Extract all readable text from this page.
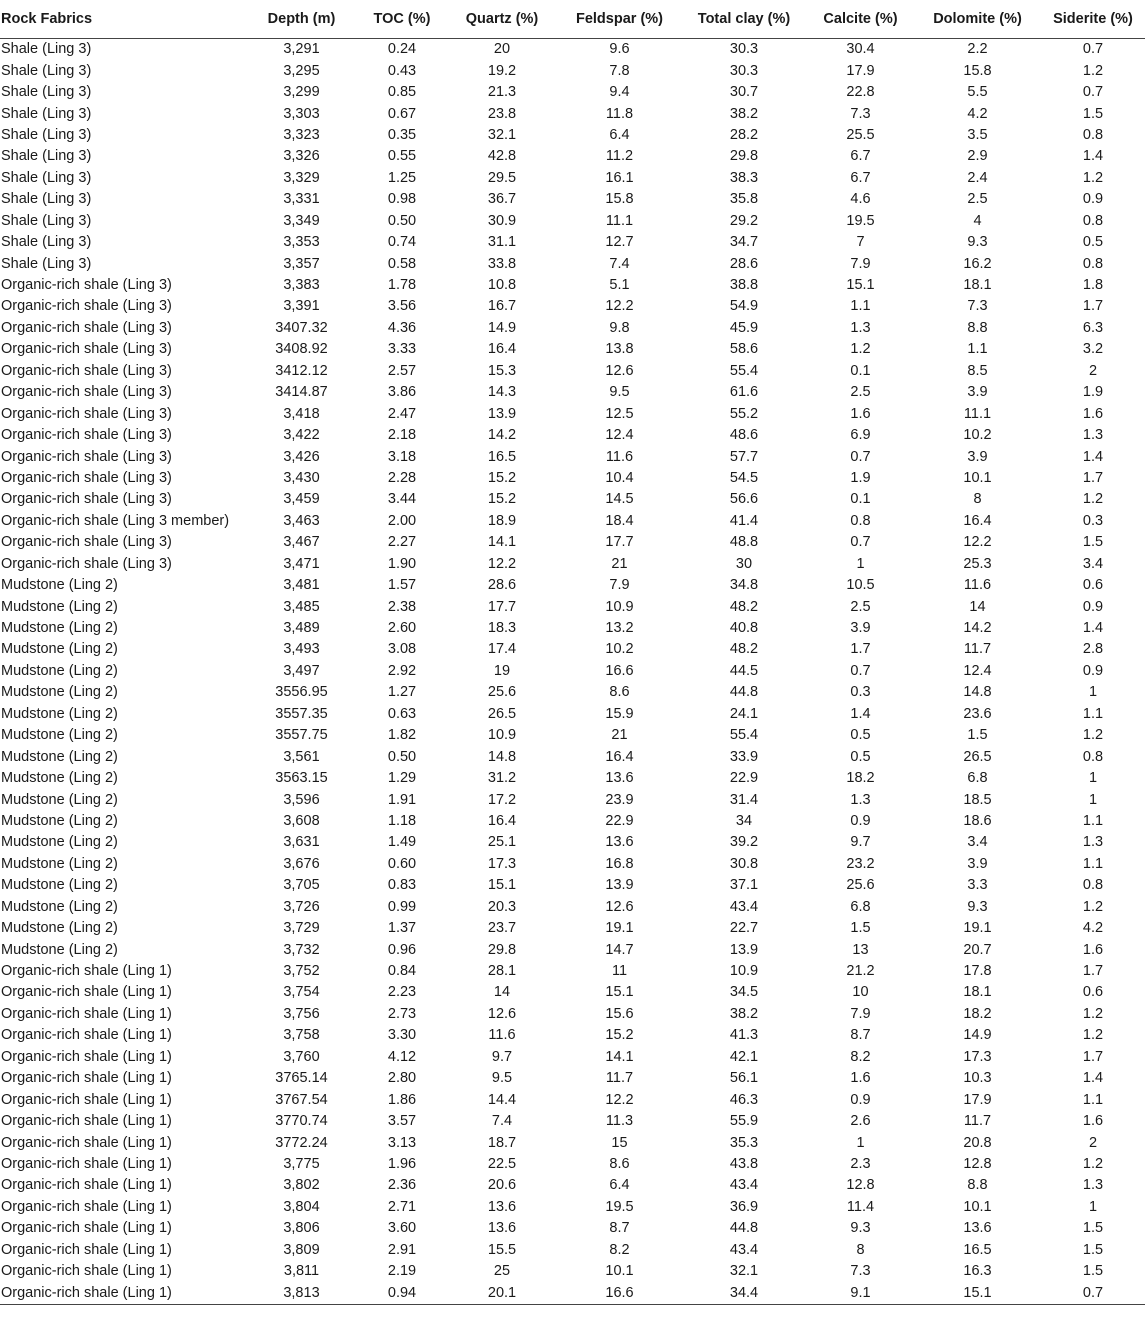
Rock Fabrics	Depth (m)	TOC (%)	Quartz (%)	Feldspar (%)	Total clay (%)	Calcite (%)	Dolomite (%)	Siderite (%)
Shale (Ling 3)	3,291	0.24	20	9.6	30.3	30.4	2.2	0.7
Shale (Ling 3)	3,295	0.43	19.2	7.8	30.3	17.9	15.8	1.2
Shale (Ling 3)	3,299	0.85	21.3	9.4	30.7	22.8	5.5	0.7
Shale (Ling 3)	3,303	0.67	23.8	11.8	38.2	7.3	4.2	1.5
Shale (Ling 3)	3,323	0.35	32.1	6.4	28.2	25.5	3.5	0.8
Shale (Ling 3)	3,326	0.55	42.8	11.2	29.8	6.7	2.9	1.4
Shale (Ling 3)	3,329	1.25	29.5	16.1	38.3	6.7	2.4	1.2
Shale (Ling 3)	3,331	0.98	36.7	15.8	35.8	4.6	2.5	0.9
Shale (Ling 3)	3,349	0.50	30.9	11.1	29.2	19.5	4	0.8
Shale (Ling 3)	3,353	0.74	31.1	12.7	34.7	7	9.3	0.5
Shale (Ling 3)	3,357	0.58	33.8	7.4	28.6	7.9	16.2	0.8
Organic-rich shale (Ling 3)	3,383	1.78	10.8	5.1	38.8	15.1	18.1	1.8
Organic-rich shale (Ling 3)	3,391	3.56	16.7	12.2	54.9	1.1	7.3	1.7
Organic-rich shale (Ling 3)	3407.32	4.36	14.9	9.8	45.9	1.3	8.8	6.3
Organic-rich shale (Ling 3)	3408.92	3.33	16.4	13.8	58.6	1.2	1.1	3.2
Organic-rich shale (Ling 3)	3412.12	2.57	15.3	12.6	55.4	0.1	8.5	2
Organic-rich shale (Ling 3)	3414.87	3.86	14.3	9.5	61.6	2.5	3.9	1.9
Organic-rich shale (Ling 3)	3,418	2.47	13.9	12.5	55.2	1.6	11.1	1.6
Organic-rich shale (Ling 3)	3,422	2.18	14.2	12.4	48.6	6.9	10.2	1.3
Organic-rich shale (Ling 3)	3,426	3.18	16.5	11.6	57.7	0.7	3.9	1.4
Organic-rich shale (Ling 3)	3,430	2.28	15.2	10.4	54.5	1.9	10.1	1.7
Organic-rich shale (Ling 3)	3,459	3.44	15.2	14.5	56.6	0.1	8	1.2
Organic-rich shale (Ling 3 member)	3,463	2.00	18.9	18.4	41.4	0.8	16.4	0.3
Organic-rich shale (Ling 3)	3,467	2.27	14.1	17.7	48.8	0.7	12.2	1.5
Organic-rich shale (Ling 3)	3,471	1.90	12.2	21	30	1	25.3	3.4
Mudstone (Ling 2)	3,481	1.57	28.6	7.9	34.8	10.5	11.6	0.6
Mudstone (Ling 2)	3,485	2.38	17.7	10.9	48.2	2.5	14	0.9
Mudstone (Ling 2)	3,489	2.60	18.3	13.2	40.8	3.9	14.2	1.4
Mudstone (Ling 2)	3,493	3.08	17.4	10.2	48.2	1.7	11.7	2.8
Mudstone (Ling 2)	3,497	2.92	19	16.6	44.5	0.7	12.4	0.9
Mudstone (Ling 2)	3556.95	1.27	25.6	8.6	44.8	0.3	14.8	1
Mudstone (Ling 2)	3557.35	0.63	26.5	15.9	24.1	1.4	23.6	1.1
Mudstone (Ling 2)	3557.75	1.82	10.9	21	55.4	0.5	1.5	1.2
Mudstone (Ling 2)	3,561	0.50	14.8	16.4	33.9	0.5	26.5	0.8
Mudstone (Ling 2)	3563.15	1.29	31.2	13.6	22.9	18.2	6.8	1
Mudstone (Ling 2)	3,596	1.91	17.2	23.9	31.4	1.3	18.5	1
Mudstone (Ling 2)	3,608	1.18	16.4	22.9	34	0.9	18.6	1.1
Mudstone (Ling 2)	3,631	1.49	25.1	13.6	39.2	9.7	3.4	1.3
Mudstone (Ling 2)	3,676	0.60	17.3	16.8	30.8	23.2	3.9	1.1
Mudstone (Ling 2)	3,705	0.83	15.1	13.9	37.1	25.6	3.3	0.8
Mudstone (Ling 2)	3,726	0.99	20.3	12.6	43.4	6.8	9.3	1.2
Mudstone (Ling 2)	3,729	1.37	23.7	19.1	22.7	1.5	19.1	4.2
Mudstone (Ling 2)	3,732	0.96	29.8	14.7	13.9	13	20.7	1.6
Organic-rich shale (Ling 1)	3,752	0.84	28.1	11	10.9	21.2	17.8	1.7
Organic-rich shale (Ling 1)	3,754	2.23	14	15.1	34.5	10	18.1	0.6
Organic-rich shale (Ling 1)	3,756	2.73	12.6	15.6	38.2	7.9	18.2	1.2
Organic-rich shale (Ling 1)	3,758	3.30	11.6	15.2	41.3	8.7	14.9	1.2
Organic-rich shale (Ling 1)	3,760	4.12	9.7	14.1	42.1	8.2	17.3	1.7
Organic-rich shale (Ling 1)	3765.14	2.80	9.5	11.7	56.1	1.6	10.3	1.4
Organic-rich shale (Ling 1)	3767.54	1.86	14.4	12.2	46.3	0.9	17.9	1.1
Organic-rich shale (Ling 1)	3770.74	3.57	7.4	11.3	55.9	2.6	11.7	1.6
Organic-rich shale (Ling 1)	3772.24	3.13	18.7	15	35.3	1	20.8	2
Organic-rich shale (Ling 1)	3,775	1.96	22.5	8.6	43.8	2.3	12.8	1.2
Organic-rich shale (Ling 1)	3,802	2.36	20.6	6.4	43.4	12.8	8.8	1.3
Organic-rich shale (Ling 1)	3,804	2.71	13.6	19.5	36.9	11.4	10.1	1
Organic-rich shale (Ling 1)	3,806	3.60	13.6	8.7	44.8	9.3	13.6	1.5
Organic-rich shale (Ling 1)	3,809	2.91	15.5	8.2	43.4	8	16.5	1.5
Organic-rich shale (Ling 1)	3,811	2.19	25	10.1	32.1	7.3	16.3	1.5
Organic-rich shale (Ling 1)	3,813	0.94	20.1	16.6	34.4	9.1	15.1	0.7
